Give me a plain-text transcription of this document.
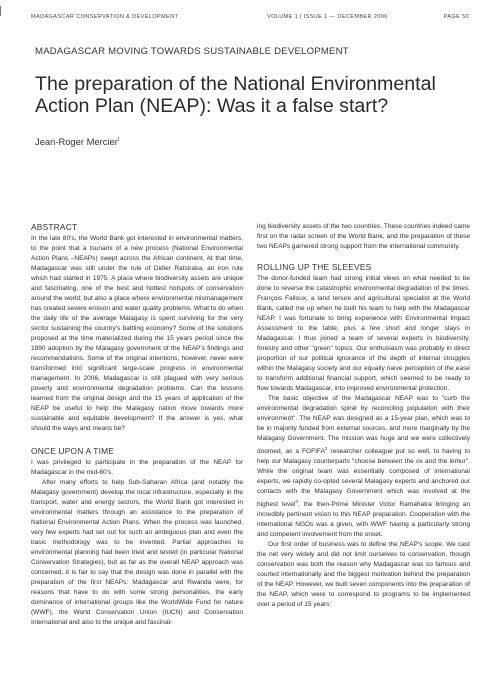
MADAGASCAR CONSERVATION & DEVELOPMENT	VOLUME 1 | ISSUE 1 — DECEMBER 2006	PAGE 50
MADAGASCAR MOVING TOWARDS SUSTAINABLE DEVELOPMENT
The preparation of the National Environmental Action Plan (NEAP): Was it a false start?
Jean-Roger Mercier$^I$
ABSTRACT

In the late 80's, the World Bank got interested in environmental matters, to the point that a tsunami of a new process (National Environmental Action Plans –NEAPs) swept across the African continent. At that time, Madagascar was still under the rule of Didier Ratsiraka, an iron rule which had started in 1975. A place where biodiversity assets are unique and fascinating, one of the best and hottest hotspots of conservation around the world; but also a place where environmental mismanagement has created severe erosion and water quality problems. What to do when the daily life of the average Malagasy is spent surviving for the very sector sustaining the country's battling economy? Some of the solutions proposed at the time materialized during the 15 years period since the 1990 adoption by the Malagasy government of the NEAP's findings and recommendations. Some of the original intentions, however, never were transformed into significant large-scale progress in environmental management. In 2006, Madagascar is still plagued with very serious poverty and environmental degradation problems. Can the lessons learned from the original design and the 15 years of application of the NEAP be useful to help the Malagasy nation move towards more sustainable and equitable development? If the answer is yes, what should the ways and means be?

ONCE UPON A TIME

I was privileged to participate in the preparation of the NEAP for Madagascar in the mid-80's.

After many efforts to help Sub-Saharan Africa (and notably the Malagasy government) develop the local infrastructure, especially in the transport, water and energy sectors, the World Bank got interested in environmental matters through an assistance to the preparation of National Environmental Action Plans. When the process was launched, very few experts had set out for such an ambiguous plan and even the basic methodology was to be invented. Partial approaches to environmental planning had been tried and tested (in particular National Conservation Strategies), but as far as the overall NEAP approach was concerned, it is fair to say that the design was done in parallel with the preparation of the first NEAPs: Madagascar and Rwanda were, for reasons that have to do with some strong personalities, the early dominance of international groups like the WorldWide Fund for nature (WWF), the World Conservation Union (IUCN) and Conservation International and also to the unique and fascinat-

ing biodiversity assets of the two countries. These countries indeed came first on the radar screen of the World Bank, and the preparation of these two NEAPs garnered strong support from the international community.

ROLLING UP THE SLEEVES

The donor-funded team had strong initial views on what needed to be done to reverse the catastrophic environmental degradation of the times. François Falloux, a land tenure and agricultural specialist at the World Bank, called me up when he built his team to help with the Madagascar NEAP. I was fortunate to bring experience with Environmental Impact Assessment to the table, plus a few short and longer stays in Madagascar. I thus joined a team of several experts in biodiversity, forestry and other "green" topics. Our enthusiasm was probably in direct proportion of our political ignorance of the depth of internal struggles within the Malagasy society and our equally naive perception of the ease to transform additional financial support, which seemed to be ready to flow towards Madagascar, into improved environmental protection.

The basic objective of the Madagascar NEAP was to "curb the environmental degradation spiral by reconciling population with their environment". The NEAP was designed as a 15-year plan, which was to be in majority funded from external sources, and more marginally by the Malagasy Government. The mission was huge and we were collectively doomed, as a FOFIFA$^2$ researcher colleague put so well, to having to help our Malagasy counterparts "choose between the ox and the lemur". While the original team was essentially composed of international experts, we rapidly co-opted several Malagasy experts and anchored our contacts with the Malagasy Government which was involved at the highest level$^3$, the then-Prime Minister Victor Ramahatra bringing an incredibly pertinent vision to this NEAP preparation. Cooperation with the international NGOs was a given, with WWF having a particularly strong and competent involvement from the onset.

Our first order of business was to define the NEAP's scope. We cast the net very widely and did not limit ourselves to conservation, though conservation was both the reason why Madagascar was so famous and courted internationally and the biggest motivation behind the preparation of the NEAP. However, we built seven components into the preparation of the NEAP, which were to correspond to programs to be implemented over a period of 15 years:
